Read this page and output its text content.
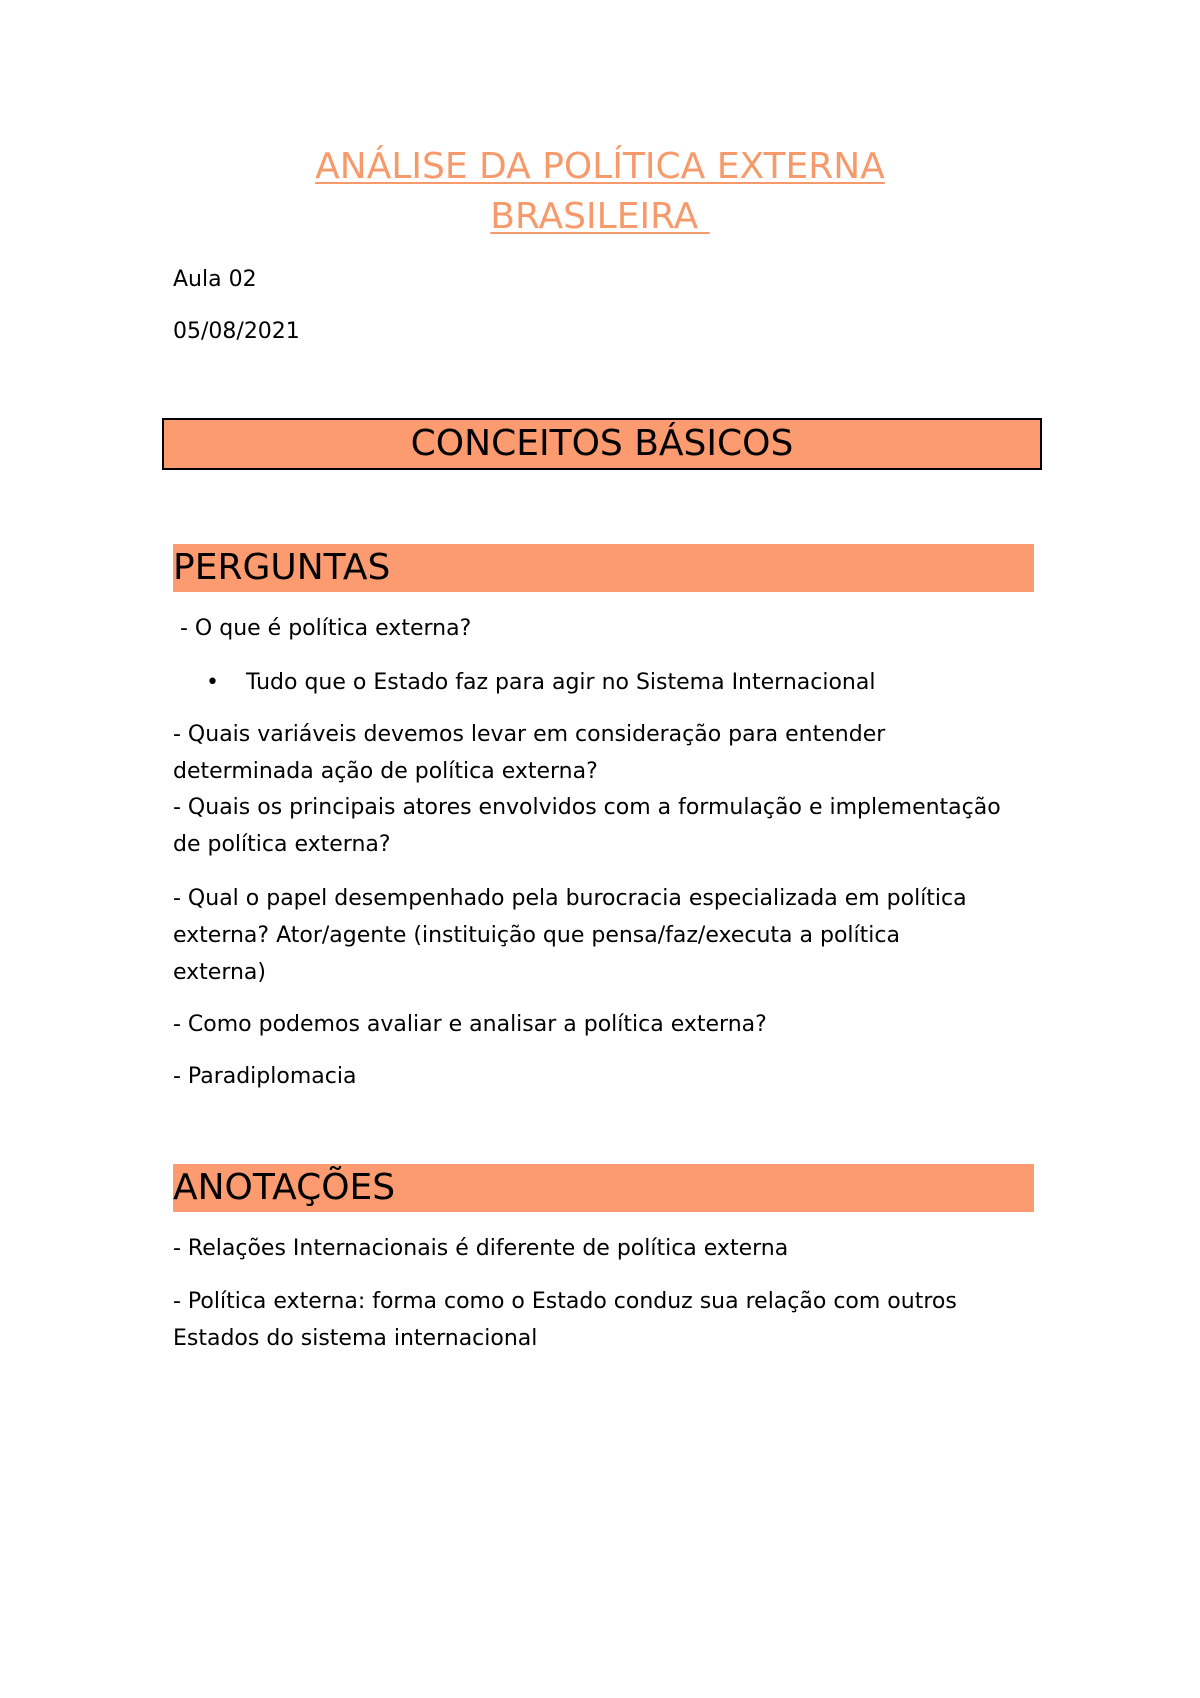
ANÁLISE DA POLÍTICA EXTERNA
BRASILEIRA

Aula 02

05/08/2021

CONCEITOS BÁSICOS
PERGUNTAS

- O que é política externa?

• Tudo que o Estado faz para agir no Sistema Internacional

- Quais variáveis devemos levar em consideração para entender

determinada ação de política externa?

- Quais os principais atores envolvidos com a formulação e implementação

de política externa?

- Qual o papel desempenhado pela burocracia especializada em política

externa? Ator/agente (instituição que pensa/faz/executa a política

externa)

- Como podemos avaliar e analisar a política externa?

- Paradiplomacia

ANOTAÇÕES

- Relações Internacionais é diferente de política externa

- Política externa: forma como o Estado conduz sua relação com outros

Estados do sistema internacional
